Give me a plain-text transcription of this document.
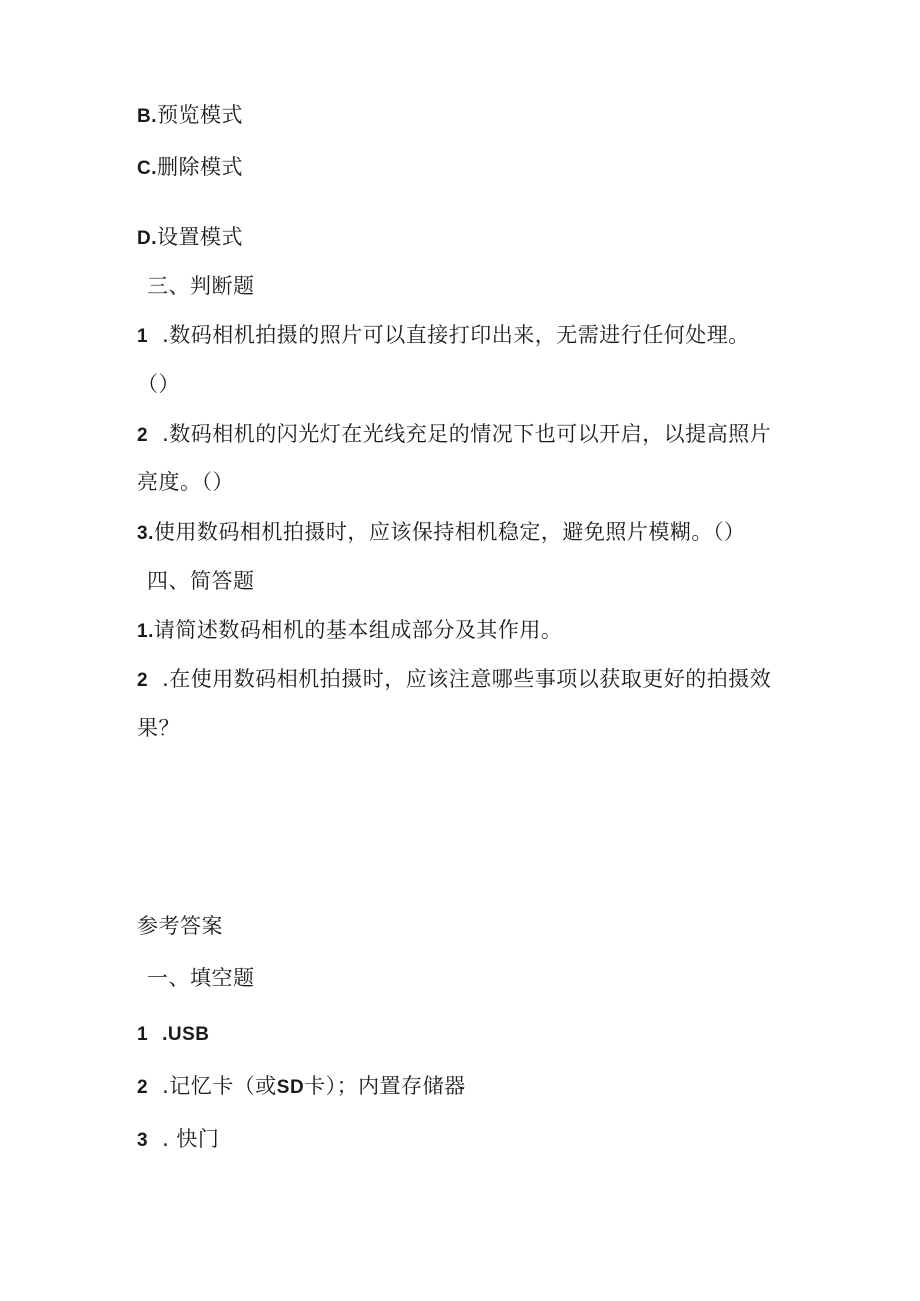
B.预览模式
C.删除模式
D.设置模式
三、判断题
1 .数码相机拍摄的照片可以直接打印出来，无需进行任何处理。
（）
2 .数码相机的闪光灯在光线充足的情况下也可以开启，以提高照片
亮度。（）
3.使用数码相机拍摄时，应该保持相机稳定，避免照片模糊。（）
四、简答题
1.请简述数码相机的基本组成部分及其作用。
2 .在使用数码相机拍摄时，应该注意哪些事项以获取更好的拍摄效
果？
参考答案
一、填空题
1 .USB
2 .记忆卡（或SD卡）；内置存储器
3 . 快门
